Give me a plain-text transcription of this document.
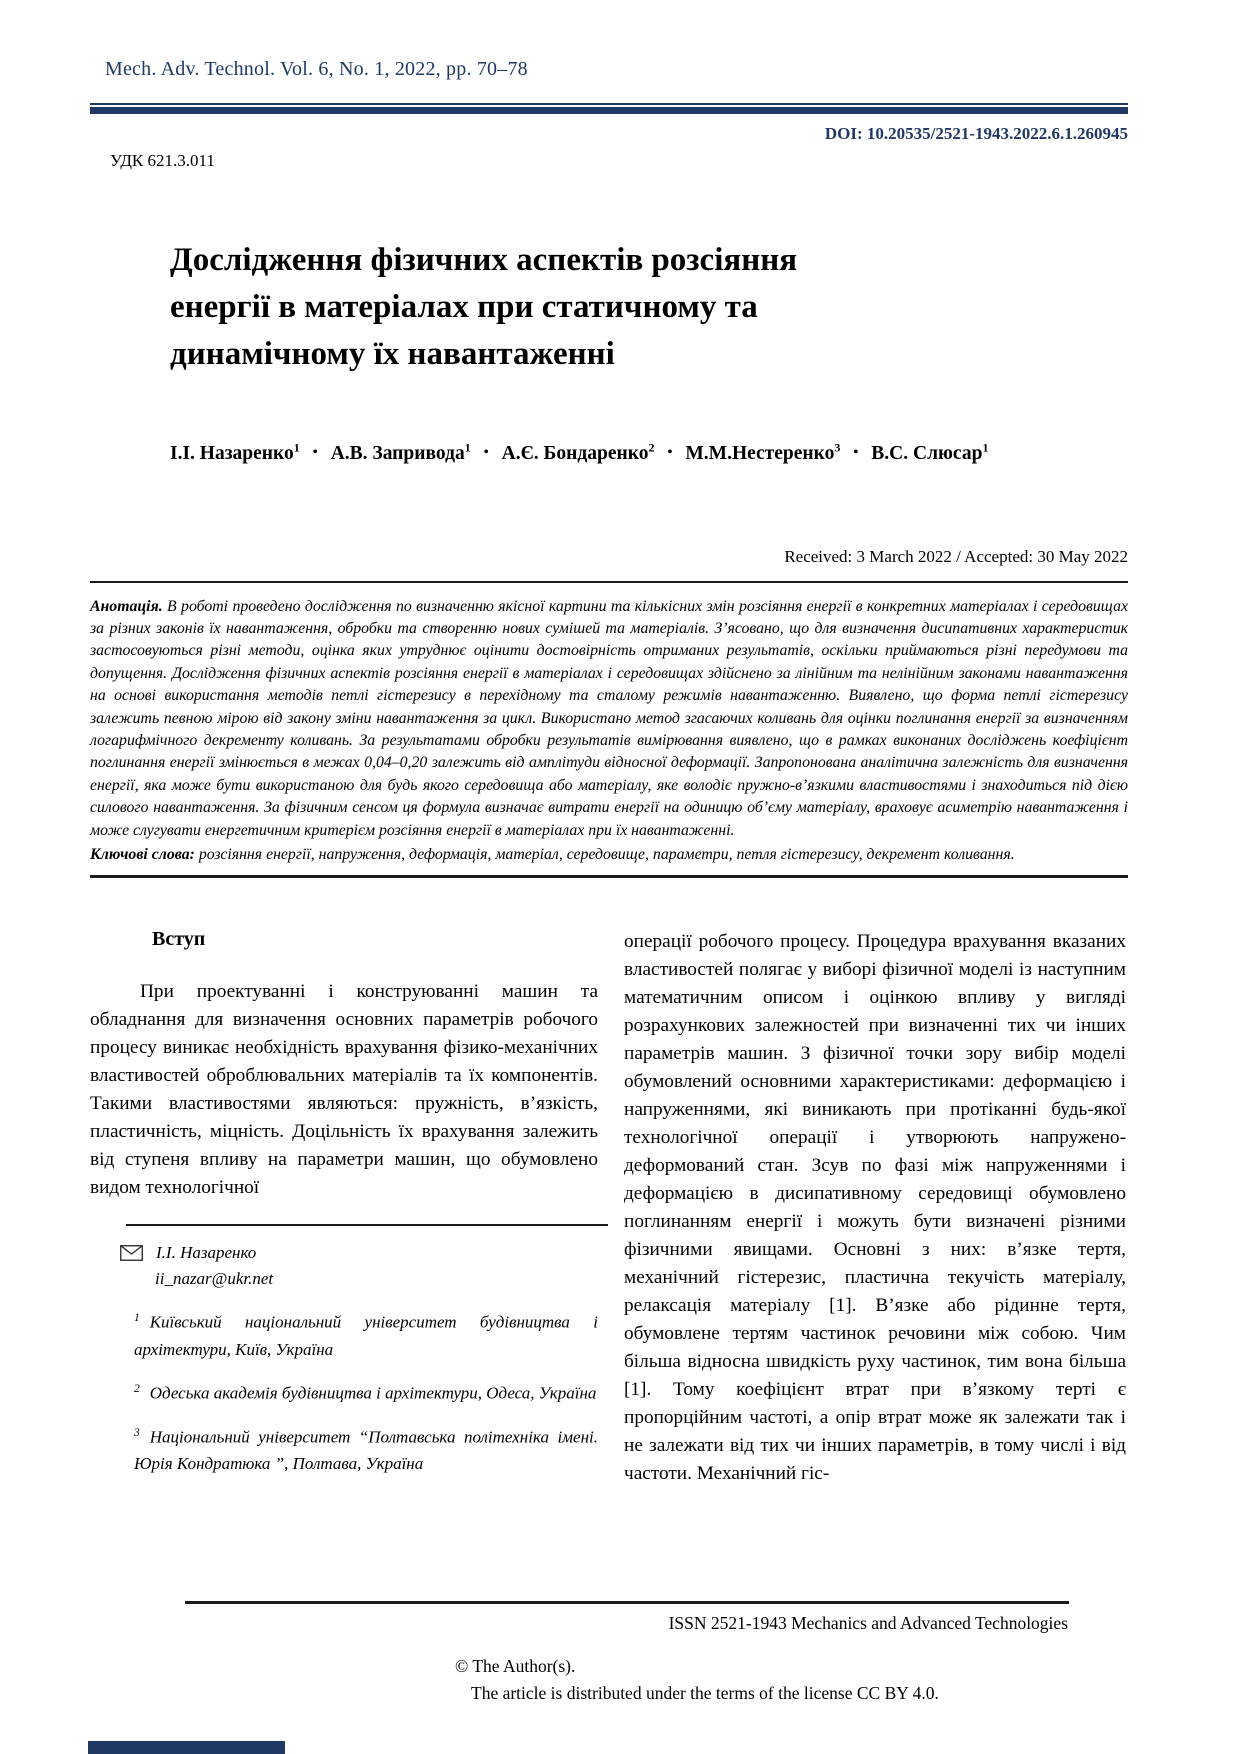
Mech. Adv. Technol. Vol. 6, No. 1, 2022, pp. 70–78
DOI: 10.20535/2521-1943.2022.6.1.260945
УДК 621.3.011
Дослідження фізичних аспектів розсіяння
енергії в матеріалах при статичному та
динамічному їх навантаженні
І.І. Назаренко$^1$ • А.В. Запривода$^1$ • А.Є. Бондаренко$^2$ • М.М.Нестеренко$^3$ • В.С. Слюсар$^1$
Received: 3 March 2022 / Accepted: 30 May 2022

Анотація. В роботі проведено дослідження по визначенню якісної картини та кількісних змін розсіяння енергії в конкретних матеріалах і середовищах за різних законів їх навантаження, обробки та створенню нових сумішей та матеріалів. З’ясовано, що для визначення дисипативних характеристик застосовуються різні методи, оцінка яких утруднює оцінити достовірність отриманих результатів, оскільки приймаються різні передумови та допущення. Дослідження фізичних аспектів розсіяння енергії в матеріалах і середовищах здійснено за лінійним та нелінійним законами навантаження на основі використання методів петлі гістерезису в перехідному та сталому режимів навантаженню. Виявлено, що форма петлі гістерезису залежить певною мірою від закону зміни навантаження за цикл. Використано метод згасаючих коливань для оцінки поглинання енергії за визначенням логарифмічного декременту коливань. За результатами обробки результатів вимірювання виявлено, що в рамках виконаних досліджень коефіцієнт поглинання енергії змінюється в межах 0,04–0,20 залежить від амплітуди відносної деформації. Запропонована аналітична залежність для визначення енергії, яка може бути використаною для будь якого середовища або матеріалу, яке володіє пружно-в’язкими властивостями і знаходиться під дією силового навантаження. За фізичним сенсом ця формула визначає витрати енергії на одиницю об’єму матеріалу, враховує асиметрію навантаження і може слугувати енергетичним критерієм розсіяння енергії в матеріалах при їх навантаженні.

Ключові слова: розсіяння енергії, напруження, деформація, матеріал, середовище, параметри, петля гістерезису, декремент коливання.

Вступ

При проектуванні і конструюванні машин та обладнання для визначення основних параметрів робочого процесу виникає необхідність врахування фізико-механічних властивостей оброблювальних матеріалів та їх компонентів. Такими властивостями являються: пружність, в’язкість, пластичність, міцність. Доцільність їх врахування залежить від ступеня впливу на параметри машин, що обумовлено видом технологічної

І.І. Назаренко
ii_nazar@ukr.net

$^1$ Київський національний університет будівництва і архітектури, Київ, Україна

$^2$ Одеська академія будівництва і архітектури, Одеса, Україна

$^3$ Національний університет “Полтавська політехніка імені. Юрія Кондратюка ”, Полтава, Україна

операції робочого процесу. Процедура врахування вказаних властивостей полягає у виборі фізичної моделі із наступним математичним описом і оцінкою впливу у вигляді розрахункових залежностей при визначенні тих чи інших параметрів машин. З фізичної точки зору вибір моделі обумовлений основними характеристиками: деформацією і напруженнями, які виникають при протіканні будь-якої технологічної операції і утворюють напружено-деформований стан. Зсув по фазі між напруженнями і деформацією в дисипативному середовищі обумовлено поглинанням енергії і можуть бути визначені різними фізичними явищами. Основні з них: в’язке тертя, механічний гістерезис, пластична текучість матеріалу, релаксація матеріалу [1]. В’язке або рідинне тертя, обумовлене тертям частинок речовини між собою. Чим більша відносна швидкість руху частинок, тим вона більша [1]. Тому коефіцієнт втрат при в’язкому терті є пропорційним частоті, а опір втрат може як залежати так і не залежати від тих чи інших параметрів, в тому числі і від частоти. Механічний гіс-

ISSN 2521-1943 Mechanics and Advanced Technologies
© The Author(s).
The article is distributed under the terms of the license CC BY 4.0.
